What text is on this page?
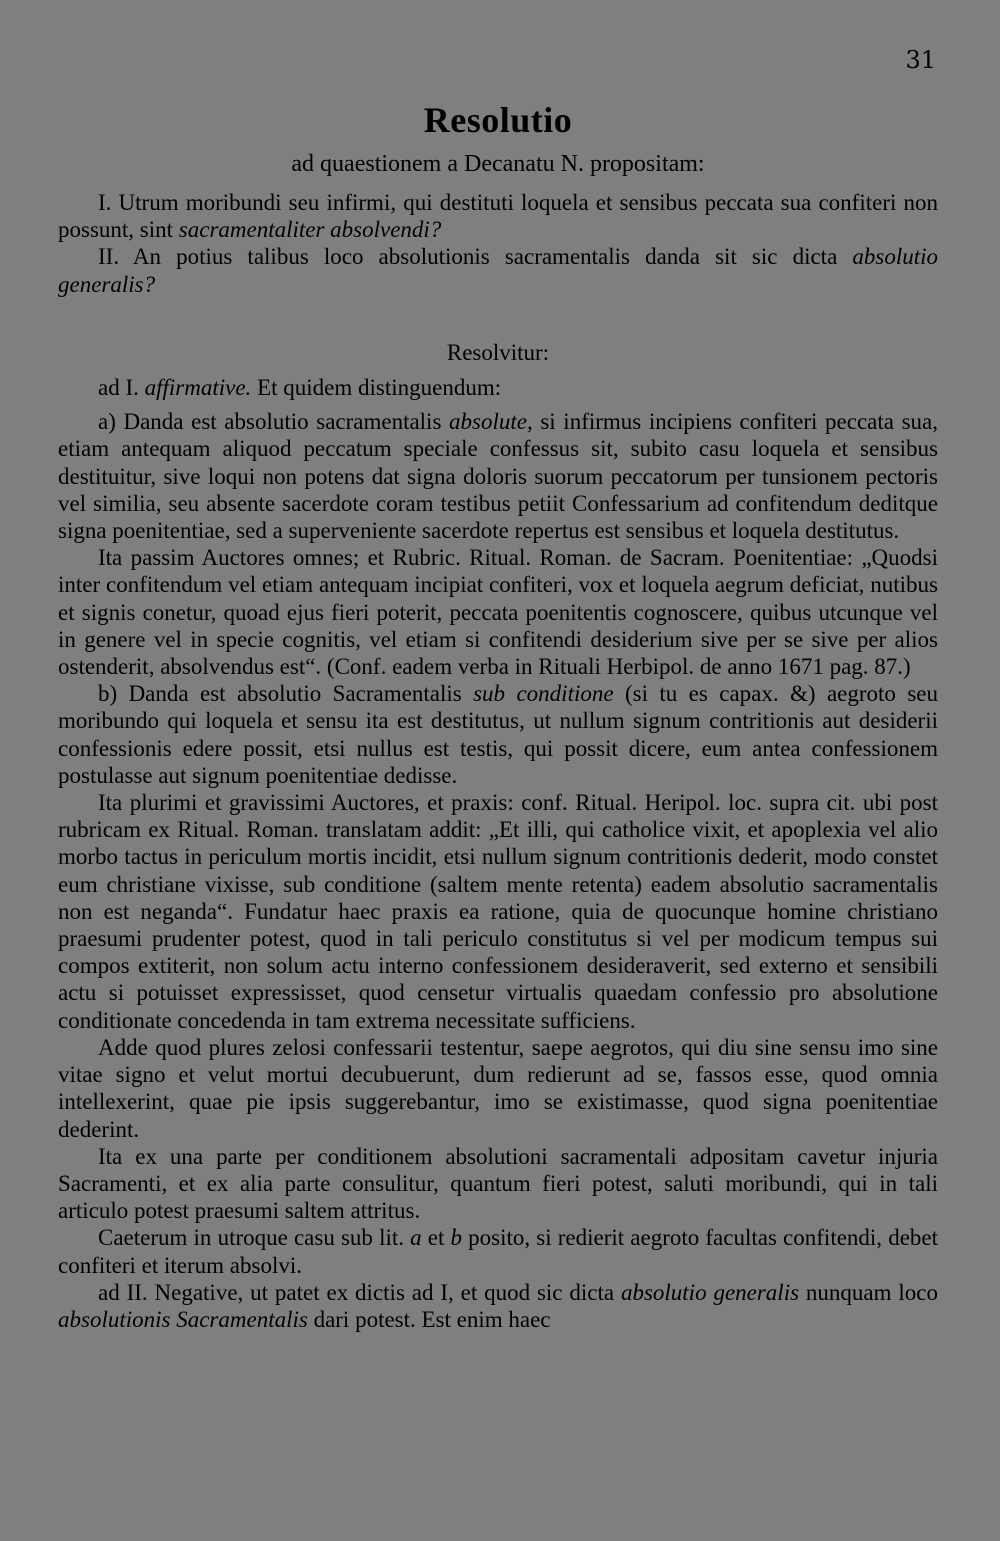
31
Resolutio
ad quaestionem a Decanatu N. propositam:

I. Utrum moribundi seu infirmi, qui destituti loquela et sensibus peccata sua confiteri non possunt, sint sacramentaliter absolvendi?

II. An potius talibus loco absolutionis sacramentalis danda sit sic dicta absolutio generalis?

Resolvitur:

ad I. affirmative. Et quidem distinguendum:

a) Danda est absolutio sacramentalis absolute, si infirmus incipiens confiteri peccata sua, etiam antequam aliquod peccatum speciale confessus sit, subito casu loquela et sensibus destituitur, sive loqui non potens dat signa doloris suorum peccatorum per tunsionem pectoris vel similia, seu absente sacerdote coram testibus petiit Confessarium ad confitendum deditque signa poenitentiae, sed a superveniente sacerdote repertus est sensibus et loquela destitutus.

Ita passim Auctores omnes; et Rubric. Ritual. Roman. de Sacram. Poenitentiae: „Quodsi inter confitendum vel etiam antequam incipiat confiteri, vox et loquela aegrum deficiat, nutibus et signis conetur, quoad ejus fieri poterit, peccata poenitentis cognoscere, quibus utcunque vel in genere vel in specie cognitis, vel etiam si confitendi desiderium sive per se sive per alios ostenderit, absolvendus est“. (Conf. eadem verba in Rituali Herbipol. de anno 1671 pag. 87.)

b) Danda est absolutio Sacramentalis sub conditione (si tu es capax. &) aegroto seu moribundo qui loquela et sensu ita est destitutus, ut nullum signum contritionis aut desiderii confessionis edere possit, etsi nullus est testis, qui possit dicere, eum antea confessionem postulasse aut signum poenitentiae dedisse.

Ita plurimi et gravissimi Auctores, et praxis: conf. Ritual. Heripol. loc. supra cit. ubi post rubricam ex Ritual. Roman. translatam addit: „Et illi, qui catholice vixit, et apoplexia vel alio morbo tactus in periculum mortis incidit, etsi nullum signum contritionis dederit, modo constet eum christiane vixisse, sub conditione (saltem mente retenta) eadem absolutio sacramentalis non est neganda“. Fundatur haec praxis ea ratione, quia de quocunque homine christiano praesumi prudenter potest, quod in tali periculo constitutus si vel per modicum tempus sui compos extiterit, non solum actu interno confessionem desideraverit, sed externo et sensibili actu si potuisset expressisset, quod censetur virtualis quaedam confessio pro absolutione conditionate concedenda in tam extrema necessitate sufficiens.

Adde quod plures zelosi confessarii testentur, saepe aegrotos, qui diu sine sensu imo sine vitae signo et velut mortui decubuerunt, dum redierunt ad se, fassos esse, quod omnia intellexerint, quae pie ipsis suggerebantur, imo se existimasse, quod signa poenitentiae dederint.

Ita ex una parte per conditionem absolutioni sacramentali adpositam cavetur injuria Sacramenti, et ex alia parte consulitur, quantum fieri potest, saluti moribundi, qui in tali articulo potest praesumi saltem attritus.

Caeterum in utroque casu sub lit. a et b posito, si redierit aegroto facultas confitendi, debet confiteri et iterum absolvi.

ad II. Negative, ut patet ex dictis ad I, et quod sic dicta absolutio generalis nunquam loco absolutionis Sacramentalis dari potest. Est enim haec
